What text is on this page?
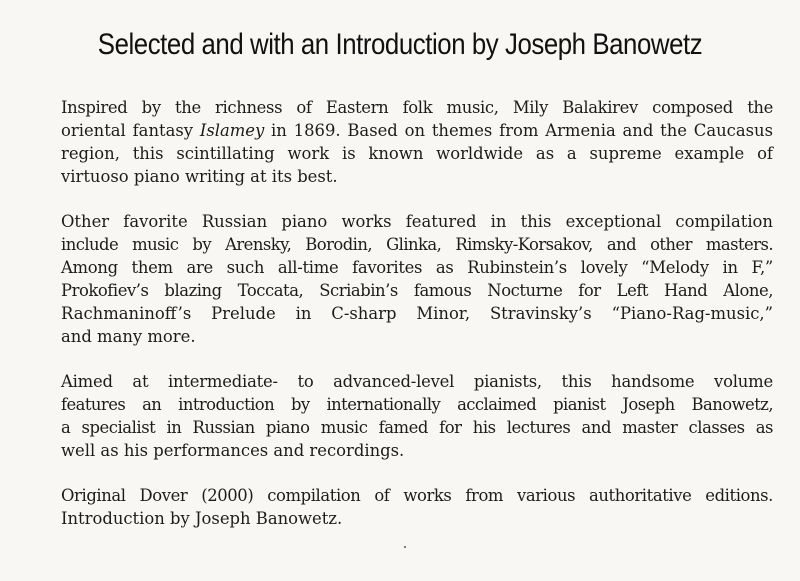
Selected and with an Introduction by Joseph Banowetz
Inspired by the richness of Eastern folk music, Mily Balakirev composed the
oriental fantasy Islamey in 1869. Based on themes from Armenia and the Caucasus
region, this scintillating work is known worldwide as a supreme example of
virtuoso piano writing at its best.
Other favorite Russian piano works featured in this exceptional compilation
include music by Arensky, Borodin, Glinka, Rimsky-Korsakov, and other masters.
Among them are such all-time favorites as Rubinstein’s lovely “Melody in F,”
Prokofiev’s blazing Toccata, Scriabin’s famous Nocturne for Left Hand Alone,
Rachmaninoff’s Prelude in C-sharp Minor, Stravinsky’s “Piano-Rag-music,”
and many more.
Aimed at intermediate- to advanced-level pianists, this handsome volume
features an introduction by internationally acclaimed pianist Joseph Banowetz,
a specialist in Russian piano music famed for his lectures and master classes as
well as his performances and recordings.
Original Dover (2000) compilation of works from various authoritative editions.
Introduction by Joseph Banowetz.
